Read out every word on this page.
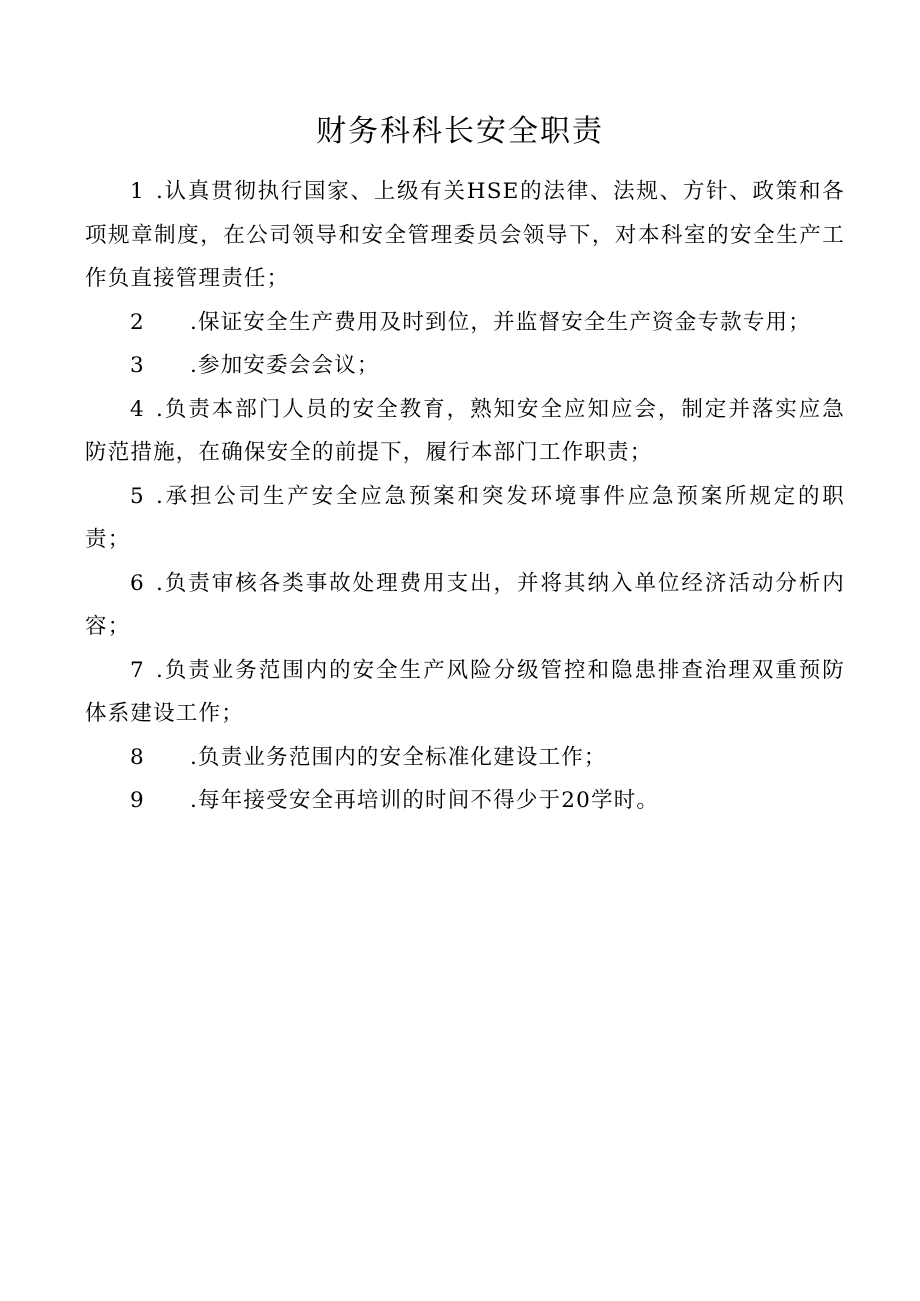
财务科科长安全职责

1 .认真贯彻执行国家、上级有关HSE的法律、法规、方针、政策和各项规章制度，在公司领导和安全管理委员会领导下，对本科室的安全生产工作负直接管理责任；

2 .保证安全生产费用及时到位，并监督安全生产资金专款专用；

3 .参加安委会会议；

4 .负责本部门人员的安全教育，熟知安全应知应会，制定并落实应急防范措施，在确保安全的前提下，履行本部门工作职责；

5 .承担公司生产安全应急预案和突发环境事件应急预案所规定的职责；

6 .负责审核各类事故处理费用支出，并将其纳入单位经济活动分析内容；

7 .负责业务范围内的安全生产风险分级管控和隐患排查治理双重预防体系建设工作；

8 .负责业务范围内的安全标准化建设工作；

9 .每年接受安全再培训的时间不得少于20学时。
